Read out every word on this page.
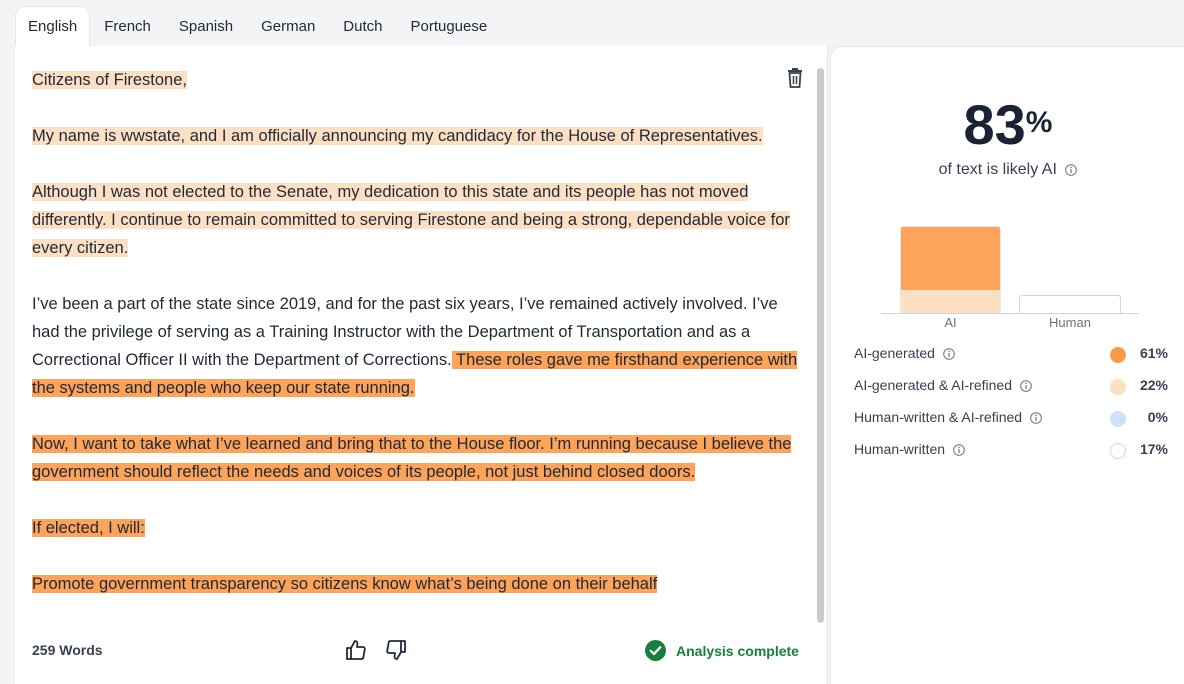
English	French	Spanish	German	Dutch	Portuguese
Citizens of Firestone,
My name is wwstate, and I am officially announcing my candidacy for the House of Representatives.
Although I was not elected to the Senate, my dedication to this state and its people has not moved differently. I continue to remain committed to serving Firestone and being a strong, dependable voice for every citizen.
I’ve been a part of the state since 2019, and for the past six years, I’ve remained actively involved. I’ve had the privilege of serving as a Training Instructor with the Department of Transportation and as a Correctional Officer II with the Department of Corrections. These roles gave me firsthand experience with the systems and people who keep our state running.
Now, I want to take what I’ve learned and bring that to the House floor. I’m running because I believe the government should reflect the needs and voices of its people, not just behind closed doors.
If elected, I will:
Promote government transparency so citizens know what’s being done on their behalf
259 Words	Analysis complete
83%
of text is likely AI
AI	Human
AI-generated	61%
AI-generated & AI-refined	22%
Human-written & AI-refined	0%
Human-written	17%
